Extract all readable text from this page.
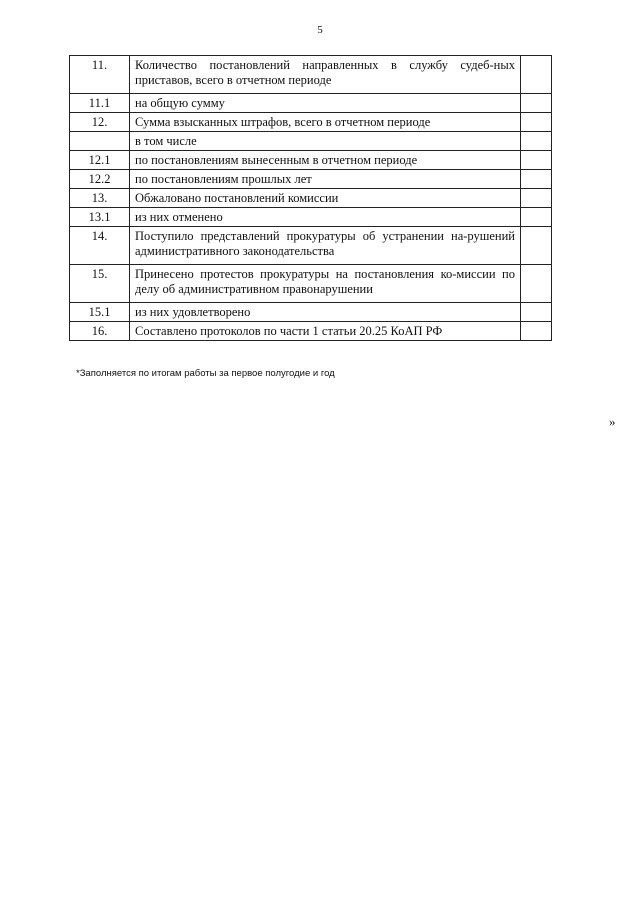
5
11.	Количество постановлений направленных в службу судеб-ных приставов, всего в отчетном периоде	
11.1	на общую сумму	
12.	Сумма взысканных штрафов, всего в отчетном периоде	
	в том числе	
12.1	по постановлениям вынесенным в отчетном периоде	
12.2	по постановлениям прошлых лет	
13.	Обжаловано постановлений комиссии	
13.1	из них отменено	
14.	Поступило представлений прокуратуры об устранении на-рушений административного законодательства	
15.	Принесено протестов прокуратуры на постановления ко-миссии по делу об административном правонарушении	
15.1	из них удовлетворено	
16.	Составлено протоколов по части 1 статьи 20.25 КоАП РФ	
*Заполняется по итогам работы за первое полугодие и год
»
